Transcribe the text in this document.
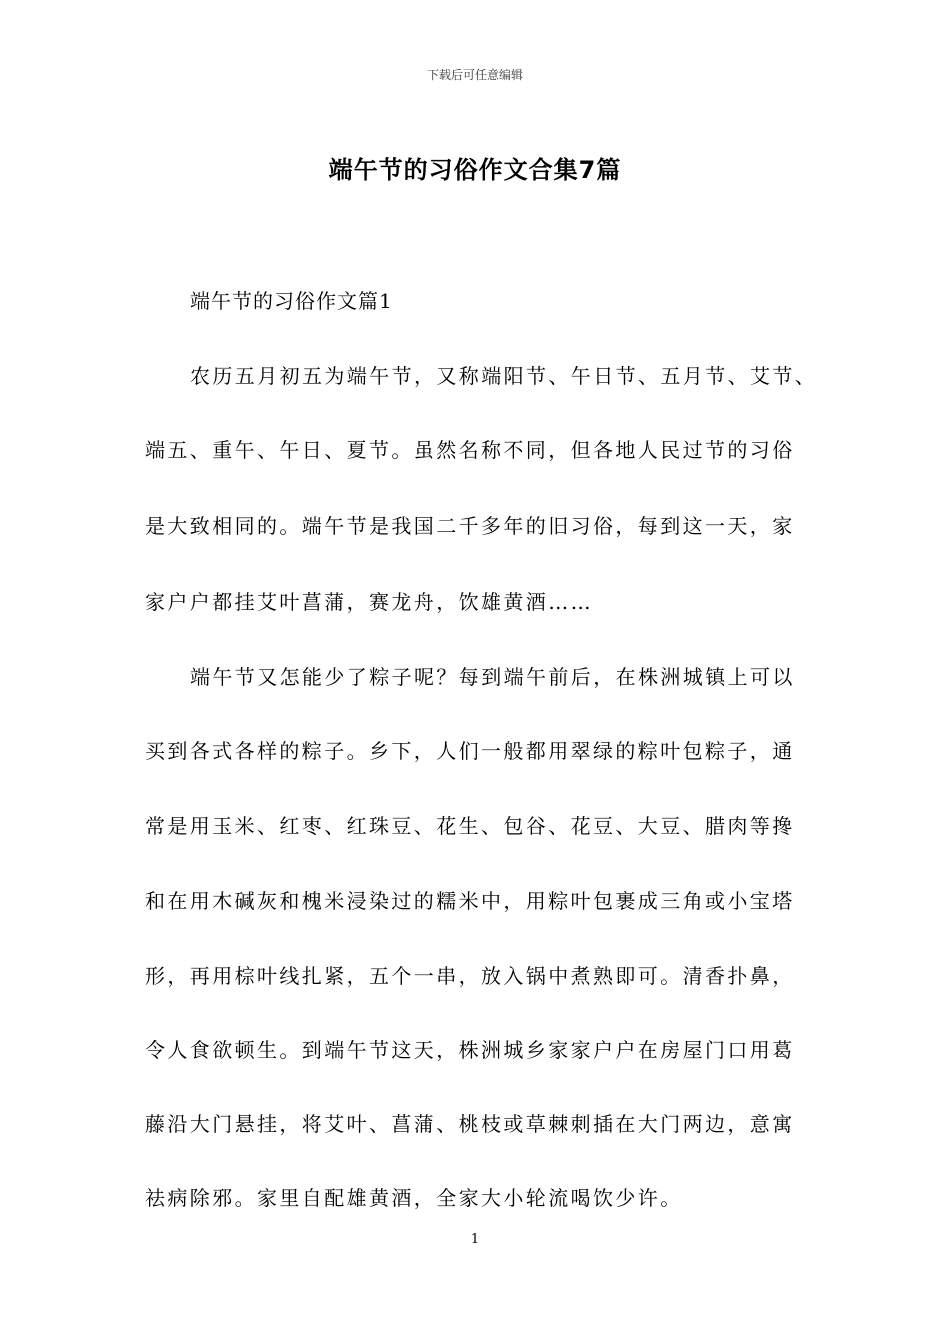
下载后可任意编辑
端午节的习俗作文合集7篇
端午节的习俗作文篇1
农历五月初五为端午节，又称端阳节、午日节、五月节、艾节、
端五、重午、午日、夏节。虽然名称不同，但各地人民过节的习俗
是大致相同的。端午节是我国二千多年的旧习俗，每到这一天，家
家户户都挂艾叶菖蒲，赛龙舟，饮雄黄酒……
端午节又怎能少了粽子呢？每到端午前后，在株洲城镇上可以
买到各式各样的粽子。乡下，人们一般都用翠绿的粽叶包粽子，通
常是用玉米、红枣、红珠豆、花生、包谷、花豆、大豆、腊肉等搀
和在用木碱灰和槐米浸染过的糯米中，用粽叶包裹成三角或小宝塔
形，再用棕叶线扎紧，五个一串，放入锅中煮熟即可。清香扑鼻，
令人食欲顿生。到端午节这天，株洲城乡家家户户在房屋门口用葛
藤沿大门悬挂，将艾叶、菖蒲、桃枝或草棘刺插在大门两边，意寓
祛病除邪。家里自配雄黄酒，全家大小轮流喝饮少许。
1
